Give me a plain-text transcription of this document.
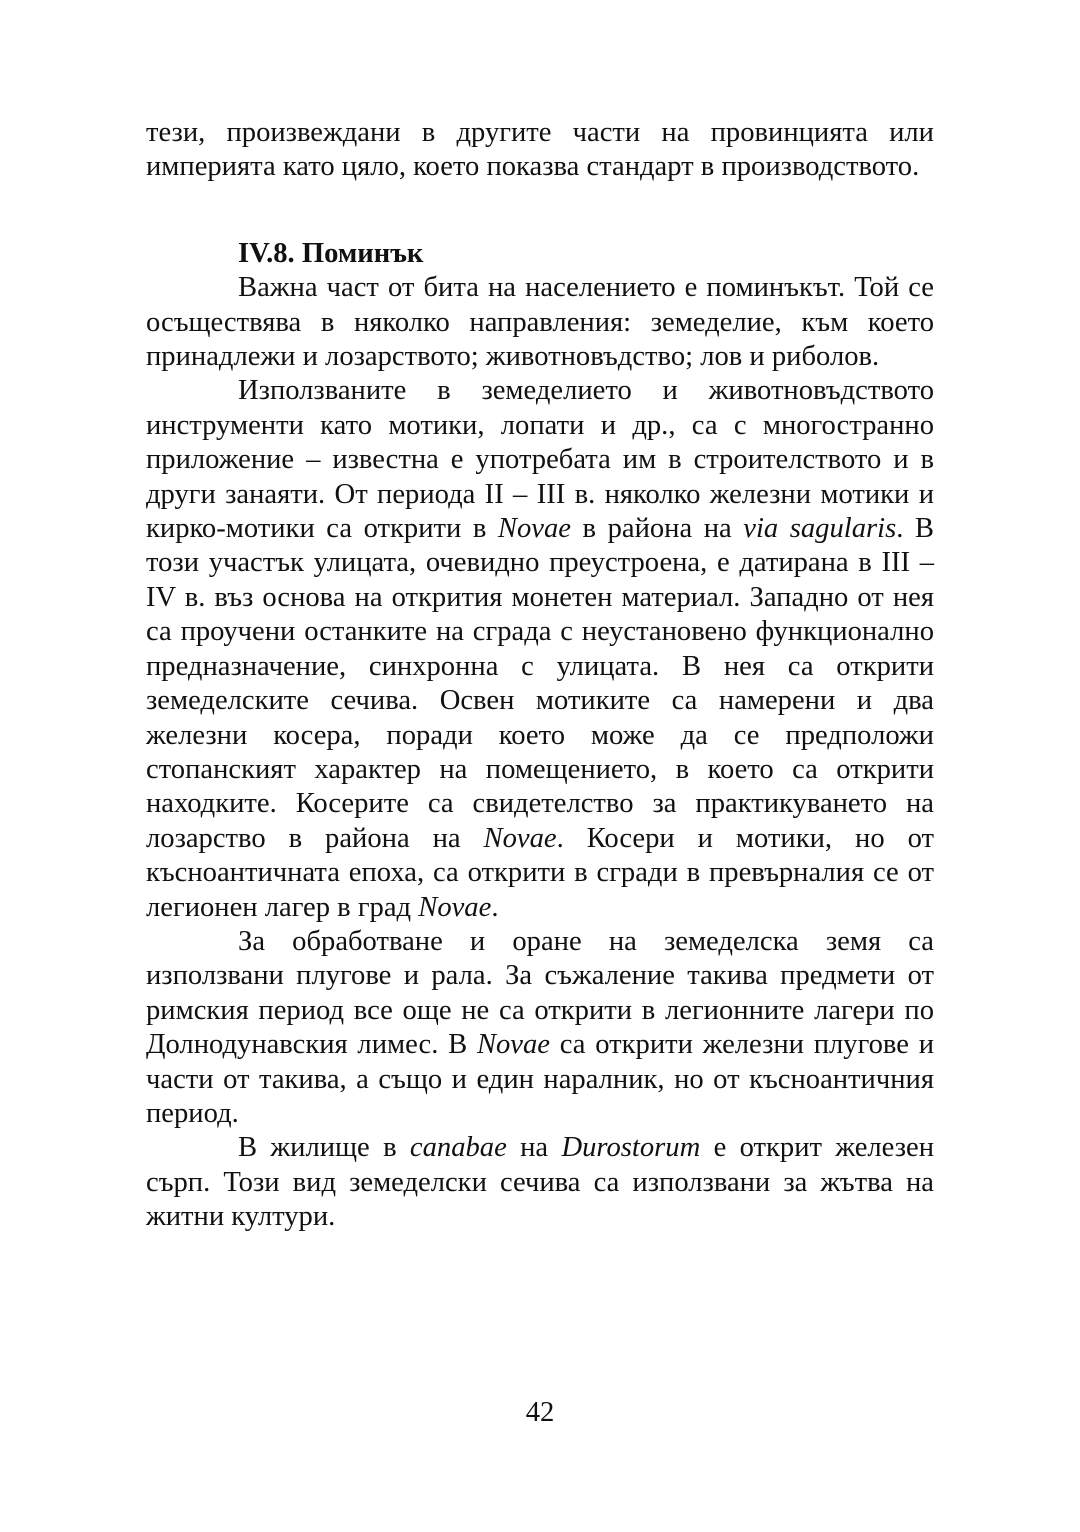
тези, произвеждани в другите части на провинцията или империята като цяло, което показва стандарт в производството.

IV.8. Поминък

Важна част от бита на населението е поминъкът. Той се осъществява в няколко направления: земеделие, към което принадлежи и лозарството; животновъдство; лов и риболов.

Използваните в земеделието и животновъдството инструменти като мотики, лопати и др., са с многостранно приложение – известна е употребата им в строителството и в други занаяти. От периода II – III в. няколко железни мотики и кирко-мотики са открити в Novae в района на via sagularis. В този участък улицата, очевидно преустроена, е датирана в III – IV в. въз основа на открития монетен материал. Западно от нея са проучени останките на сграда с неустановено функционално предназначение, синхронна с улицата. В нея са открити земеделските сечива. Освен мотиките са намерени и два железни косера, поради което може да се предположи стопанският характер на помещението, в което са открити находките. Косерите са свидетелство за практикуването на лозарство в района на Novae. Косери и мотики, но от късноантичната епоха, са открити в сгради в превърналия се от легионен лагер в град Novae.

За обработване и оране на земеделска земя са използвани плугове и рала. За съжаление такива предмети от римския период все още не са открити в легионните лагери по Долнодунавския лимес. В Novae са открити железни плугове и части от такива, а също и един наралник, но от късноантичния период.

В жилище в canabae на Durostorum е открит железен сърп. Този вид земеделски сечива са използвани за жътва на житни култури.

42
